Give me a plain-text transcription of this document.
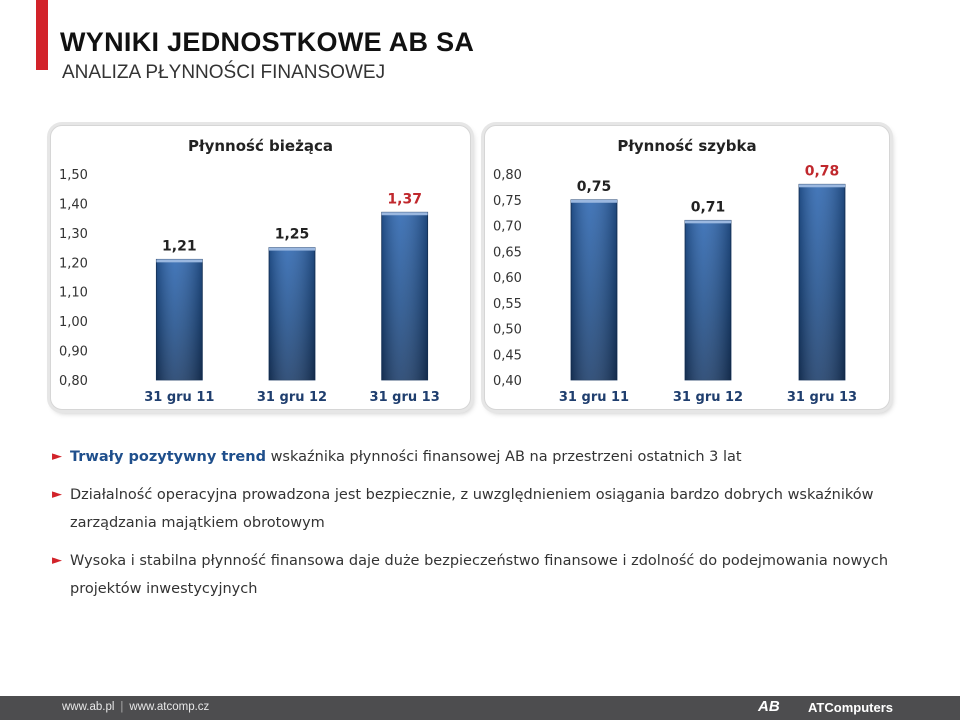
WYNIKI JEDNOSTKOWE AB SA
ANALIZA PŁYNNOŚCI FINANSOWEJ
Płynność bieżąca
0,80
0,90
1,00
1,10
1,20
1,30
1,40
1,50
1,21
31 gru 11
1,25
31 gru 12
1,37
31 gru 13
Płynność szybka
0,40
0,45
0,50
0,55
0,60
0,65
0,70
0,75
0,80
0,75
31 gru 11
0,71
31 gru 12
0,78
31 gru 13
► Trwały pozytywny trend wskaźnika płynności finansowej AB na przestrzeni ostatnich 3 lat
► Działalność operacyjna prowadzona jest bezpiecznie, z uwzględnieniem osiągania bardzo dobrych wskaźników zarządzania majątkiem obrotowym
► Wysoka i stabilna płynność finansowa daje duże bezpieczeństwo finansowe i zdolność do podejmowania nowych projektów inwestycyjnych
www.ab.pl | www.atcomp.cz	AB ATComputers
